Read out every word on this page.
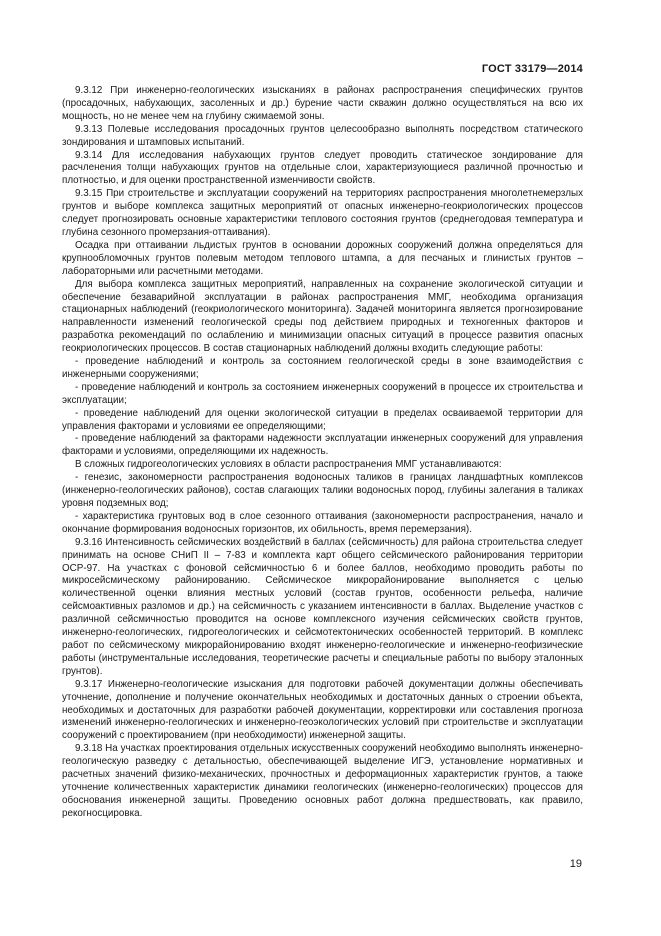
ГОСТ 33179—2014

9.3.12 При инженерно-геологических изысканиях в районах распространения специфических грунтов (просадочных, набухающих, засоленных и др.) бурение части скважин должно осуществляться на всю их мощность, но не менее чем на глубину сжимаемой зоны.

9.3.13 Полевые исследования просадочных грунтов целесообразно выполнять посредством статического зондирования и штамповых испытаний.

9.3.14 Для исследования набухающих грунтов следует проводить статическое зондирование для расчленения толщи набухающих грунтов на отдельные слои, характеризующиеся различной прочностью и плотностью, и для оценки пространственной изменчивости свойств.

9.3.15 При строительстве и эксплуатации сооружений на территориях распространения многолетнемерзлых грунтов и выборе комплекса защитных мероприятий от опасных инженерно-геокриологических процессов следует прогнозировать основные характеристики теплового состояния грунтов (среднегодовая температура и глубина сезонного промерзания-оттаивания).

Осадка при оттаивании льдистых грунтов в основании дорожных сооружений должна определяться для крупнообломочных грунтов полевым методом теплового штампа, а для песчаных и глинистых грунтов – лабораторными или расчетными методами.

Для выбора комплекса защитных мероприятий, направленных на сохранение экологической ситуации и обеспечение безаварийной эксплуатации в районах распространения ММГ, необходима организация стационарных наблюдений (геокриологического мониторинга). Задачей мониторинга является прогнозирование направленности изменений геологической среды под действием природных и техногенных факторов и разработка рекомендаций по ослаблению и минимизации опасных ситуаций в процессе развития опасных геокриологических процессов. В состав стационарных наблюдений должны входить следующие работы:

- проведение наблюдений и контроль за состоянием геологической среды в зоне взаимодействия с инженерными сооружениями;

- проведение наблюдений и контроль за состоянием инженерных сооружений в процессе их строительства и эксплуатации;

- проведение наблюдений для оценки экологической ситуации в пределах осваиваемой территории для управления факторами и условиями ее определяющими;

- проведение наблюдений за факторами надежности эксплуатации инженерных сооружений для управления факторами и условиями, определяющими их надежность.

В сложных гидрогеологических условиях в области распространения ММГ устанавливаются:

- генезис, закономерности распространения водоносных таликов в границах ландшафтных комплексов (инженерно-геологических районов), состав слагающих талики водоносных пород, глубины залегания в таликах уровня подземных вод;

- характеристика грунтовых вод в слое сезонного оттаивания (закономерности распространения, начало и окончание формирования водоносных горизонтов, их обильность, время перемерзания).

9.3.16 Интенсивность сейсмических воздействий в баллах (сейсмичность) для района строительства следует принимать на основе СНиП II – 7-83 и комплекта карт общего сейсмического районирования территории ОСР-97. На участках с фоновой сейсмичностью 6 и более баллов, необходимо проводить работы по микросейсмическому районированию. Сейсмическое микрорайонирование выполняется с целью количественной оценки влияния местных условий (состав грунтов, особенности рельефа, наличие сейсмоактивных разломов и др.) на сейсмичность с указанием интенсивности в баллах. Выделение участков с различной сейсмичностью проводится на основе комплексного изучения сейсмических свойств грунтов, инженерно-геологических, гидрогеологических и сейсмотектонических особенностей территорий. В комплекс работ по сейсмическому микрорайонированию входят инженерно-геологические и инженерно-геофизические работы (инструментальные исследования, теоретические расчеты и специальные работы по выбору эталонных грунтов).

9.3.17 Инженерно-геологические изыскания для подготовки рабочей документации должны обеспечивать уточнение, дополнение и получение окончательных необходимых и достаточных данных о строении объекта, необходимых и достаточных для разработки рабочей документации, корректировки или составления прогноза изменений инженерно-геологических и инженерно-геоэкологических условий при строительстве и эксплуатации сооружений с проектированием (при необходимости) инженерной защиты.

9.3.18 На участках проектирования отдельных искусственных сооружений необходимо выполнять инженерно-геологическую разведку с детальностью, обеспечивающей выделение ИГЭ, установление нормативных и расчетных значений физико-механических, прочностных и деформационных характеристик грунтов, а также уточнение количественных характеристик динамики геологических (инженерно-геологических) процессов для обоснования инженерной защиты. Проведению основных работ должна предшествовать, как правило, рекогносцировка.

19
